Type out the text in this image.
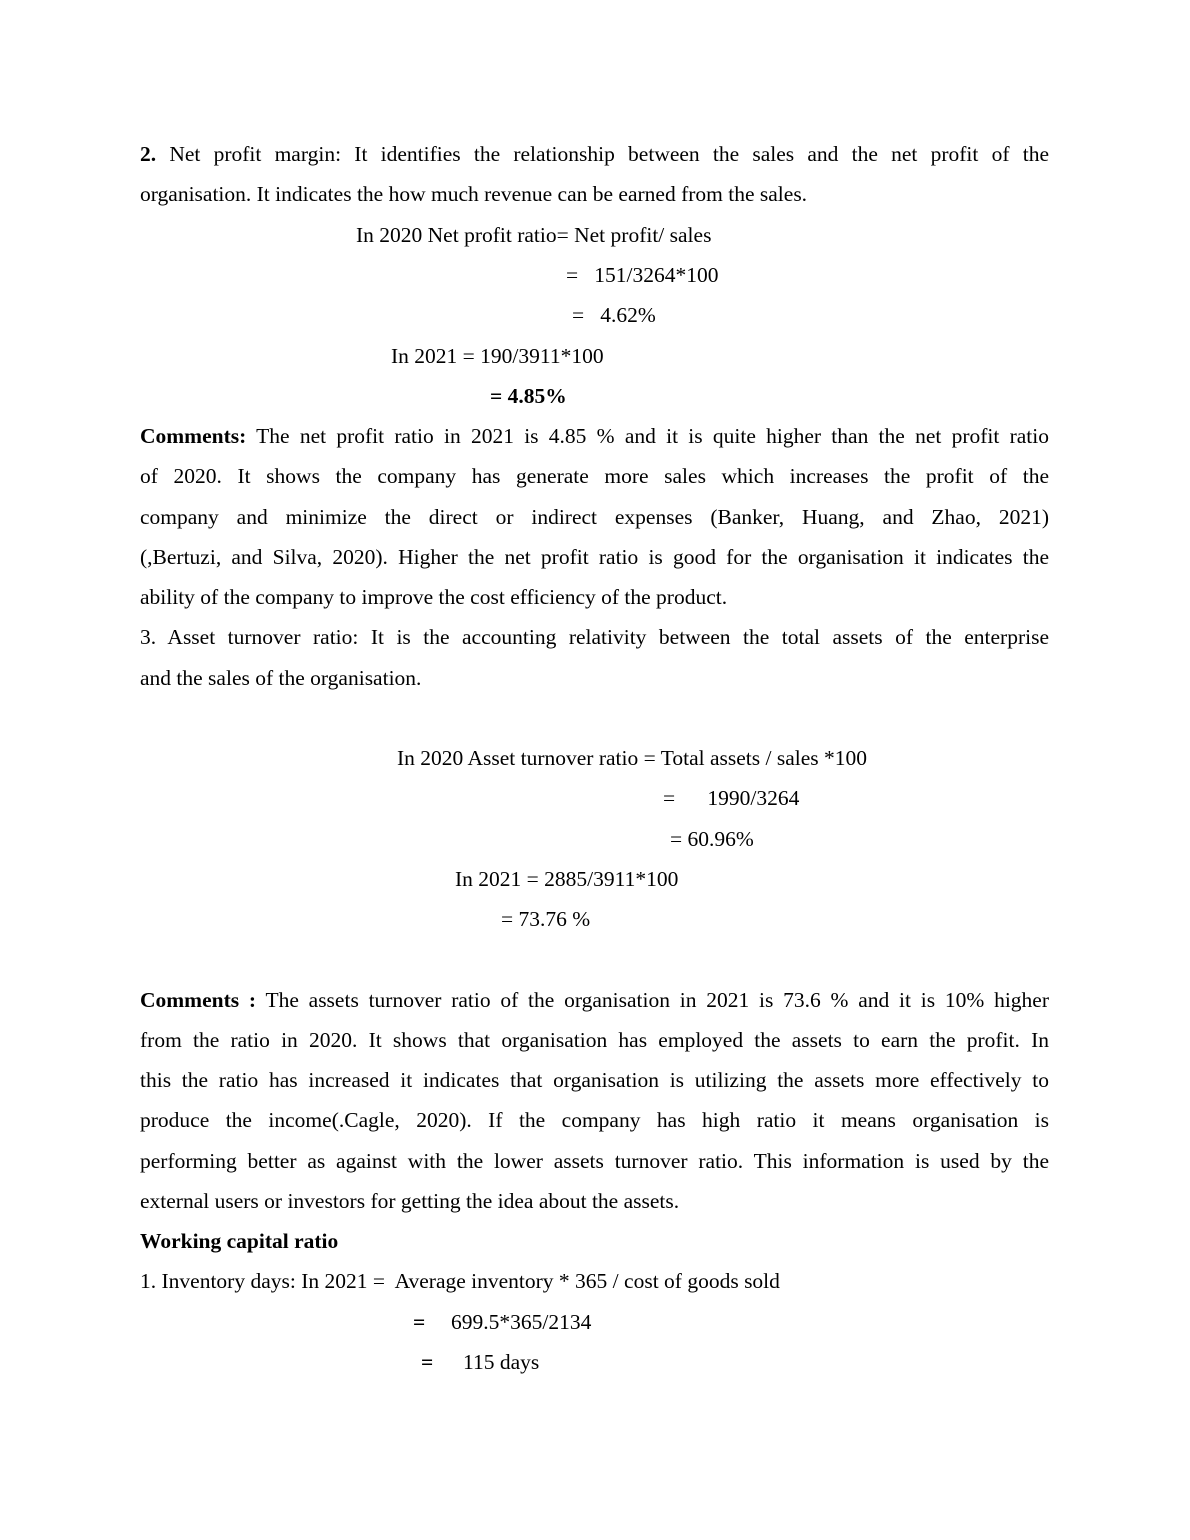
2. Net profit margin: It identifies the relationship between the sales and the net profit of the
organisation. It indicates the how much revenue can be earned from the sales.
In 2020 Net profit ratio= Net profit/ sales
=   151/3264*100
=   4.62%
In 2021 = 190/3911*100
= 4.85%
Comments: The net profit ratio in 2021 is 4.85 % and it is quite higher than the net profit ratio
of 2020. It shows the company has generate more sales which increases the profit of the
company and minimize the direct or indirect expenses (Banker, Huang, and Zhao, 2021)
(,Bertuzi, and Silva, 2020). Higher the net profit ratio is good for the organisation it indicates the
ability of the company to improve the cost efficiency of the product.
3. Asset turnover ratio: It is the accounting relativity between the total assets of the enterprise
and the sales of the organisation.
In 2020 Asset turnover ratio = Total assets / sales *100
=      1990/3264
= 60.96%
In 2021 = 2885/3911*100
= 73.76 %
Comments : The assets turnover ratio of the organisation in 2021 is 73.6 % and it is 10% higher
from the ratio in 2020. It shows that organisation has employed the assets to earn the profit. In
this the ratio has increased it indicates that organisation is utilizing the assets more effectively to
produce the income(.Cagle, 2020). If the company has high ratio it means organisation is
performing better as against with the lower assets turnover ratio. This information is used by the
external users or investors for getting the idea about the assets.
Working capital ratio
1. Inventory days: In 2021 =  Average inventory * 365 / cost of goods sold
= 699.5*365/2134
= 115 days
